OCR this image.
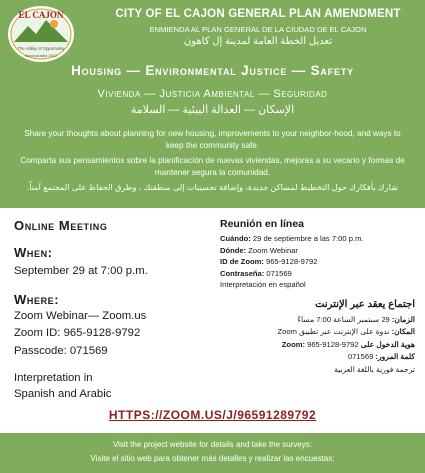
EL CAJON
The Valley of Opportunity
Incorporated 1912
CITY OF EL CAJON GENERAL PLAN AMENDMENT
ENMIENDA AL PLAN GENERAL DE LA CIUDAD DE EL CAJON
تعديل الخطة العامة لمدينة إل كاهون
Housing — Environmental Justice — Safety
Vivienda — Justicia Ambiental — Seguridad
الإسكان — العدالة البيئية — السلامة

Share your thoughts about planning for new housing, improvements to your neighbor-hood, and ways to keep the community safe.

Comparta sus pensamientos sobre la planificación de nuevas viviendas, mejoras a su vecario y formas de mantener segura la comunidad.

شارك بأفكارك حول التخطيط لمساكن جديدة، وإضافة تحسينات إلى منطقتك ، وطرق الحفاظ على المجتمع آمناً.

Online Meeting
When:
September 29 at 7:00 p.m.
Where:
Zoom Webinar— Zoom.us
Zoom ID: 965-9128-9792
Passcode: 071569
Interpretation in
Spanish and Arabic
Reunión en línea
Cuándo: 29 de septiembre a las 7:00 p.m.
Dónde: Zoom Webinar
ID de Zoom: 965-9128-9792
Contraseña: 071569
Interpretación en español
اجتماع يعقد عبر الإنترنت
الزمان: 29 سبتمبر الساعة 7:00 مساءً
المكان: ندوة على الإنترنت عبر تطبيق Zoom
هوية الدخول على Zoom: 965-9128-9792
كلمة المرور: 071569
ترجمة فورية باللغة العربية
HTTPS://ZOOM.US/J/96591289792
Visit the project website for details and take the surveys:
Visite el sitio web para obtener más detalles y realizar las encuestas:
